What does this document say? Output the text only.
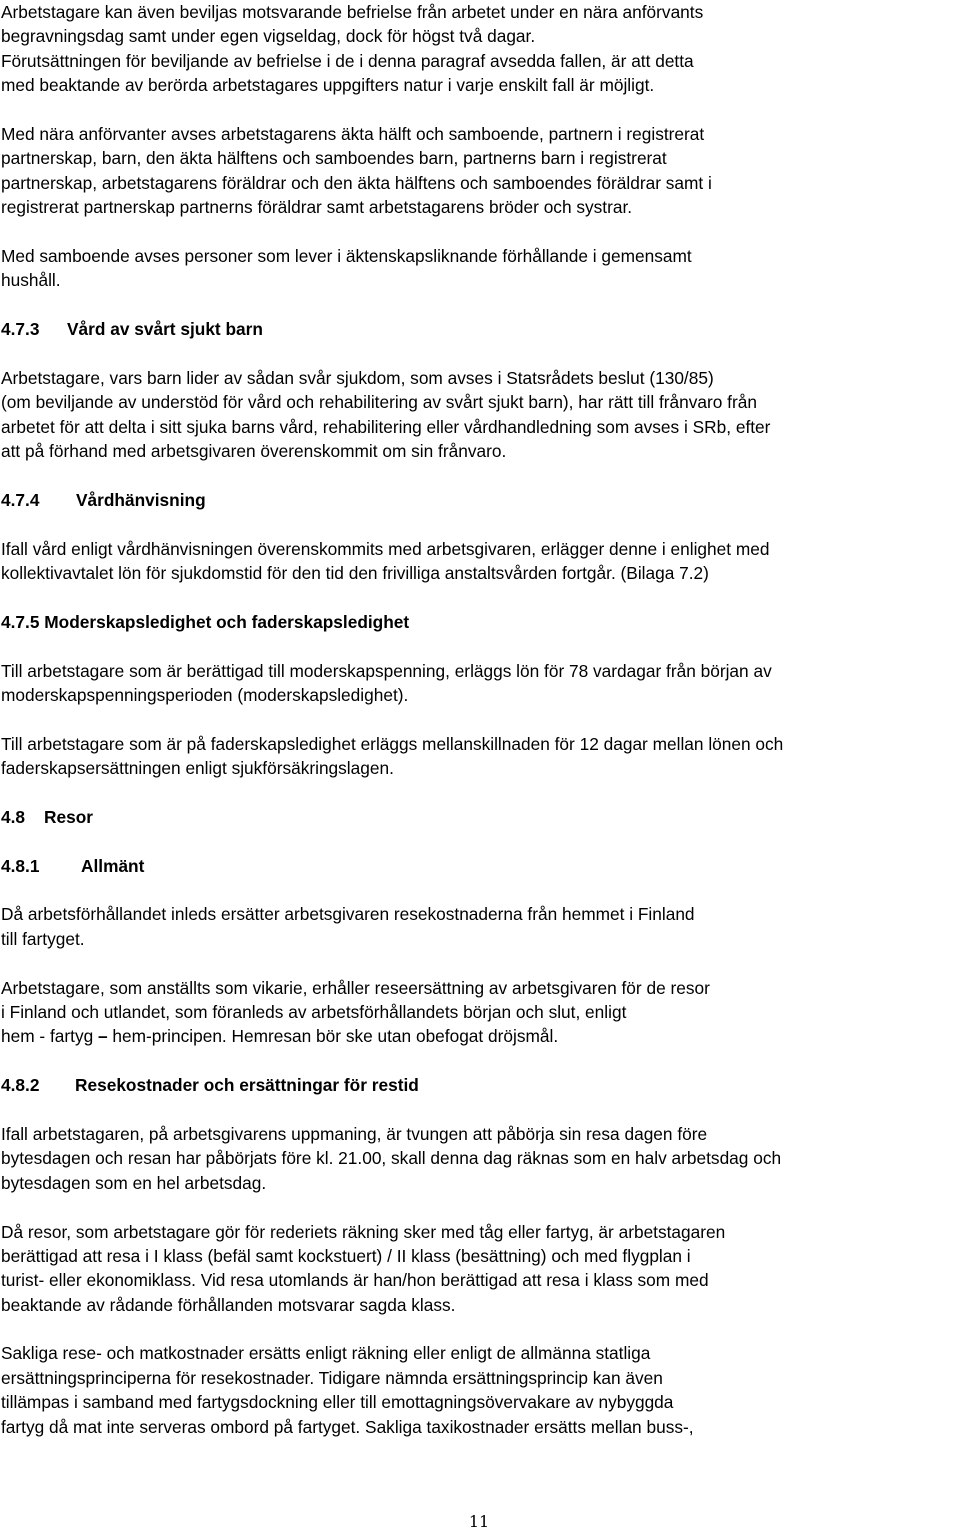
Arbetstagare kan även beviljas motsvarande befrielse från arbetet under en nära anförvants
begravningsdag samt under egen vigseldag, dock för högst två dagar.
Förutsättningen för beviljande av befrielse i de i denna paragraf avsedda fallen, är att detta
med beaktande av berörda arbetstagares uppgifters natur i varje enskilt fall är möjligt.
Med nära anförvanter avses arbetstagarens äkta hälft och samboende, partnern i registrerat
partnerskap, barn, den äkta hälftens och samboendes barn, partnerns barn i registrerat
partnerskap, arbetstagarens föräldrar och den äkta hälftens och samboendes föräldrar samt i
registrerat partnerskap partnerns föräldrar samt arbetstagarens bröder och systrar.
Med samboende avses personer som lever i äktenskapsliknande förhållande i gemensamt
hushåll.
4.7.3 Vård av svårt sjukt barn
Arbetstagare, vars barn lider av sådan svår sjukdom, som avses i Statsrådets beslut (130/85)
(om beviljande av understöd för vård och rehabilitering av svårt sjukt barn), har rätt till frånvaro från
arbetet för att delta i sitt sjuka barns vård, rehabilitering eller vårdhandledning som avses i SRb, efter
att på förhand med arbetsgivaren överenskommit om sin frånvaro.
4.7.4 Vårdhänvisning
Ifall vård enligt vårdhänvisningen överenskommits med arbetsgivaren, erlägger denne i enlighet med
kollektivavtalet lön för sjukdomstid för den tid den frivilliga anstaltsvården fortgår. (Bilaga 7.2)
4.7.5 Moderskapsledighet och faderskapsledighet
Till arbetstagare som är berättigad till moderskapspenning, erläggs lön för 78 vardagar från början av
moderskapspenningsperioden (moderskapsledighet).
Till arbetstagare som är på faderskapsledighet erläggs mellanskillnaden för 12 dagar mellan lönen och
faderskapsersättningen enligt sjukförsäkringslagen.
4.8 Resor
4.8.1 Allmänt
Då arbetsförhållandet inleds ersätter arbetsgivaren resekostnaderna från hemmet i Finland
till fartyget.
Arbetstagare, som anställts som vikarie, erhåller reseersättning av arbetsgivaren för de resor
i Finland och utlandet, som föranleds av arbetsförhållandets början och slut, enligt
hem - fartyg – hem-principen. Hemresan bör ske utan obefogat dröjsmål.
4.8.2 Resekostnader och ersättningar för restid
Ifall arbetstagaren, på arbetsgivarens uppmaning, är tvungen att påbörja sin resa dagen före
bytesdagen och resan har påbörjats före kl. 21.00, skall denna dag räknas som en halv arbetsdag och
bytesdagen som en hel arbetsdag.
Då resor, som arbetstagare gör för rederiets räkning sker med tåg eller fartyg, är arbetstagaren
berättigad att resa i I klass (befäl samt kockstuert) / II klass (besättning) och med flygplan i
turist- eller ekonomiklass. Vid resa utomlands är han/hon berättigad att resa i klass som med
beaktande av rådande förhållanden motsvarar sagda klass.
Sakliga rese- och matkostnader ersätts enligt räkning eller enligt de allmänna statliga
ersättningsprinciperna för resekostnader. Tidigare nämnda ersättningsprincip kan även
tillämpas i samband med fartygsdockning eller till emottagningsövervakare av nybyggda
fartyg då mat inte serveras ombord på fartyget. Sakliga taxikostnader ersätts mellan buss-,
11
